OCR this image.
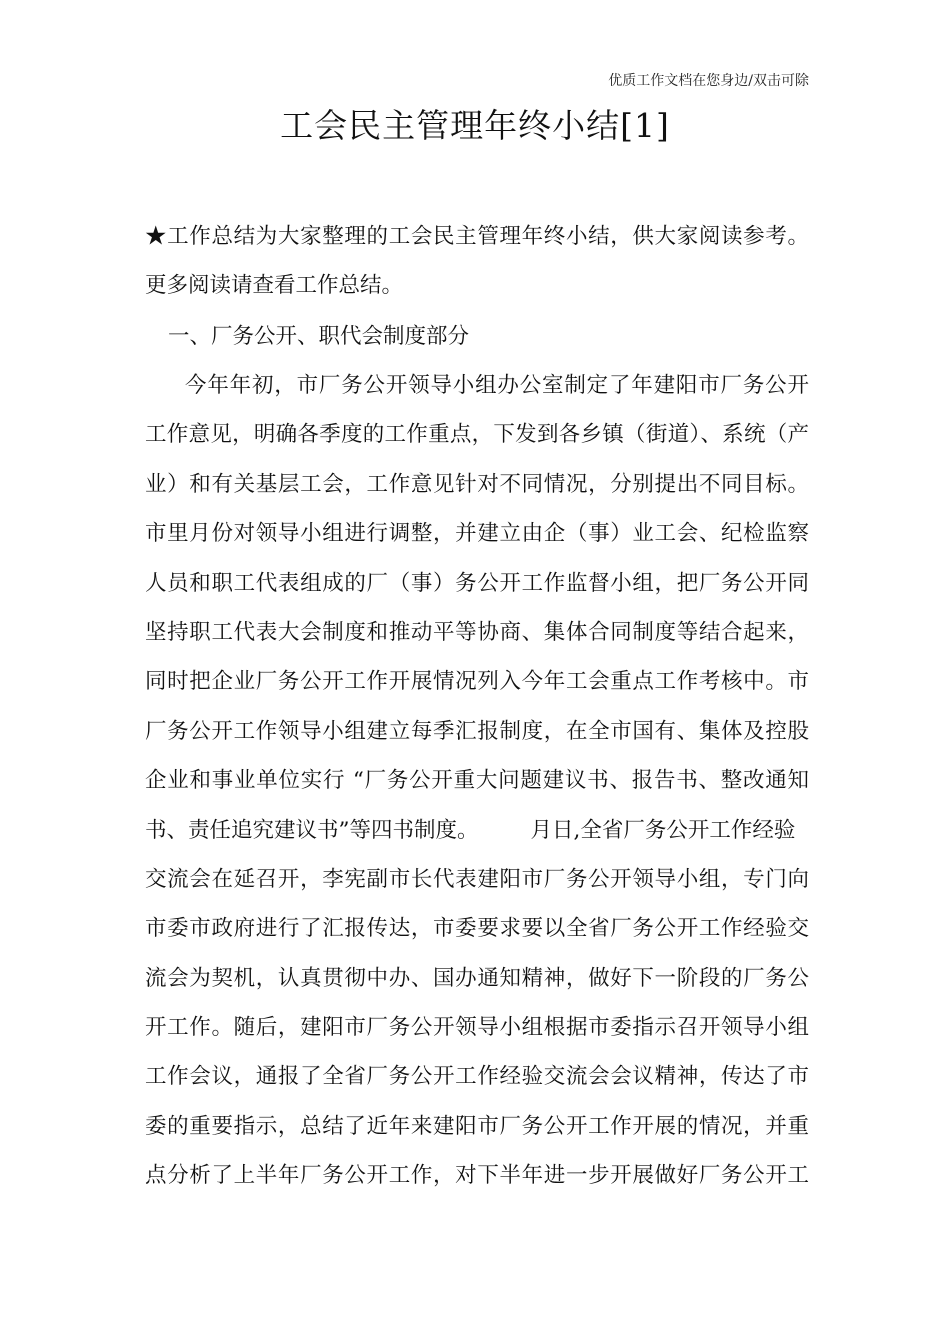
优质工作文档在您身边/双击可除
工会民主管理年终小结[1]
★工作总结为大家整理的工会民主管理年终小结，供大家阅读参考。
更多阅读请查看工作总结。
一、厂务公开、职代会制度部分
今年年初，市厂务公开领导小组办公室制定了年建阳市厂务公开
工作意见，明确各季度的工作重点，下发到各乡镇（街道）、系统（产
业）和有关基层工会，工作意见针对不同情况，分别提出不同目标。
市里月份对领导小组进行调整，并建立由企（事）业工会、纪检监察
人员和职工代表组成的厂（事）务公开工作监督小组，把厂务公开同
坚持职工代表大会制度和推动平等协商、集体合同制度等结合起来，
同时把企业厂务公开工作开展情况列入今年工会重点工作考核中。市
厂务公开工作领导小组建立每季汇报制度，在全市国有、集体及控股
企业和事业单位实行 “厂务公开重大问题建议书、报告书、整改通知
书、责任追究建议书”等四书制度。 月日,全省厂务公开工作经验
交流会在延召开，李宪副市长代表建阳市厂务公开领导小组，专门向
市委市政府进行了汇报传达，市委要求要以全省厂务公开工作经验交
流会为契机，认真贯彻中办、国办通知精神，做好下一阶段的厂务公
开工作。随后，建阳市厂务公开领导小组根据市委指示召开领导小组
工作会议，通报了全省厂务公开工作经验交流会会议精神，传达了市
委的重要指示，总结了近年来建阳市厂务公开工作开展的情况，并重
点分析了上半年厂务公开工作，对下半年进一步开展做好厂务公开工
